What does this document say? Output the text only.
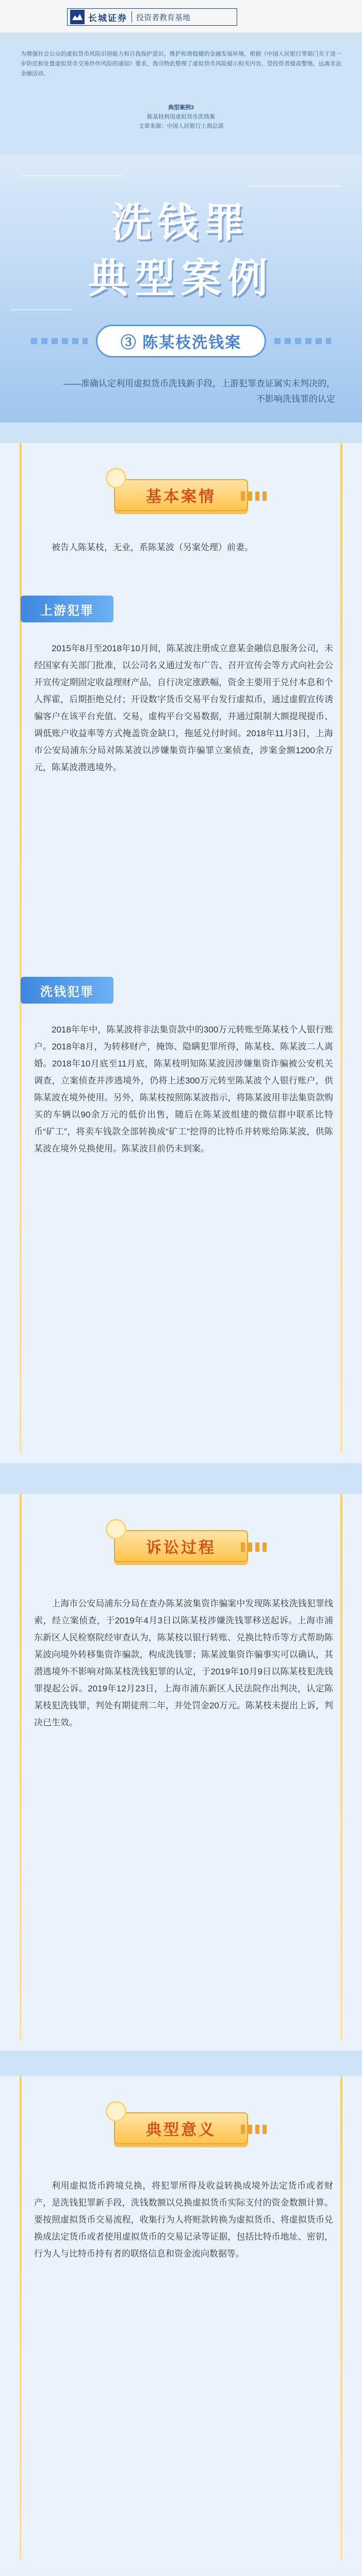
长城证券 投资者教育基地

为增强社会公众的虚拟货币风险识别能力和自我保护意识，维护和谐稳健的金融发展环境，根据《中国人民银行等部门关于进一步防范和处置虚拟货币交易炒作风险的通知》要求，我司特此整理了虚拟货币风险提示相关内容，望投资者提高警惕，远离非法金融活动。

典型案例3
陈某枝利用虚拟货币洗钱案
文章来源：中国人民银行上海总部
洗钱罪
典型案例
③ 陈某枝洗钱案
——准确认定利用虚拟货币洗钱新手段，上游犯罪查证属实未判决的，不影响洗钱罪的认定
基本案情

被告人陈某枝，无业，系陈某波（另案处理）前妻。

上游犯罪

2015年8月至2018年10月间，陈某波注册成立意某金融信息服务公司，未经国家有关部门批准，以公司名义通过发布广告、召开宣传会等方式向社会公开宣传定期固定收益理财产品，自行决定涨跌幅，资金主要用于兑付本息和个人挥霍，后期拒绝兑付；开设数字货币交易平台发行虚拟币，通过虚假宣传诱骗客户在该平台充值、交易，虚构平台交易数据，并通过限制大额提现提币、调低账户收益率等方式掩盖资金缺口，拖延兑付时间。2018年11月3日，上海市公安局浦东分局对陈某波以涉嫌集资诈骗罪立案侦查，涉案金额1200余万元，陈某波潜逃境外。

洗钱犯罪

2018年年中，陈某波将非法集资款中的300万元转账至陈某枝个人银行账户。2018年8月，为转移财产，掩饰、隐瞒犯罪所得，陈某枝、陈某波二人离婚。2018年10月底至11月底，陈某枝明知陈某波因涉嫌集资诈骗被公安机关调查，立案侦查并涉逃境外，仍将上述300万元转至陈某波个人银行账户，供陈某波在境外使用。另外，陈某枝按照陈某波指示，将陈某波用非法集资款购买的车辆以90余万元的低价出售，随后在陈某波组建的微信群中联系比特币“矿工”，将卖车钱款全部转换成“矿工”挖得的比特币并转账给陈某波，供陈某波在境外兑换使用。陈某波目前仍未到案。

诉讼过程

上海市公安局浦东分局在查办陈某波集资诈骗案中发现陈某枝洗钱犯罪线索，经立案侦查，于2019年4月3日以陈某枝涉嫌洗钱罪移送起诉。上海市浦东新区人民检察院经审查认为，陈某枝以银行转账、兑换比特币等方式帮助陈某波向境外转移集资诈骗款，构成洗钱罪；陈某波集资诈骗事实可以确认，其潜逃境外不影响对陈某枝洗钱犯罪的认定，于2019年10月9日以陈某枝犯洗钱罪提起公诉。2019年12月23日，上海市浦东新区人民法院作出判决，认定陈某枝犯洗钱罪，判处有期徒刑二年，并处罚金20万元。陈某枝未提出上诉，判决已生效。

典型意义

利用虚拟货币跨境兑换，将犯罪所得及收益转换成境外法定货币或者财产，是洗钱犯罪新手段，洗钱数额以兑换虚拟货币实际支付的资金数额计算。要按照虚拟货币交易流程，收集行为人将赃款转换为虚拟货币、将虚拟货币兑换成法定货币或者使用虚拟货币的交易记录等证据，包括比特币地址、密钥，行为人与比特币持有者的联络信息和资金流向数据等。
